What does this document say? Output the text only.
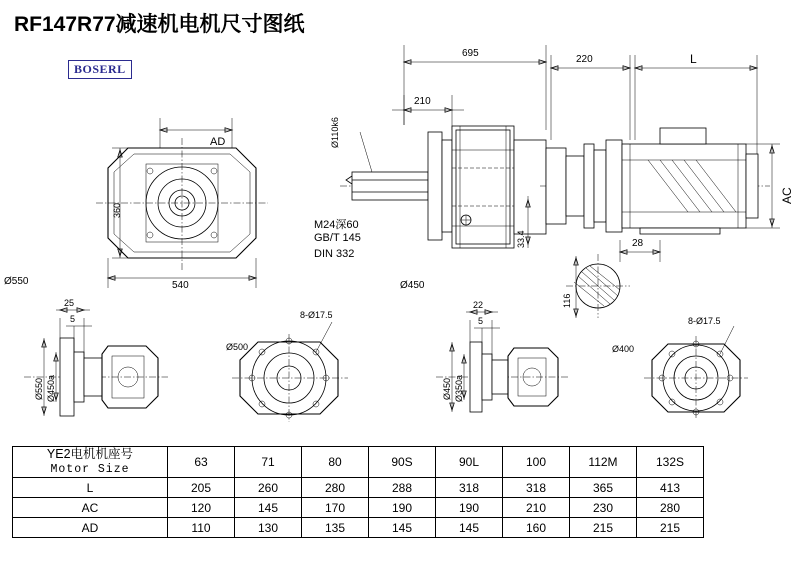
RF147R77减速机电机尺寸图纸
BOSERL
695
220	L
210
Ø110k6
M24深60
GB/T 145
DIN 332
33.4	28
116
AC
AD
360
540
Ø550	Ø450
25
5
22
5
8-Ø17.5
8-Ø17.5
Ø550 Ø450a
Ø500
Ø450 Ø350a
Ø400
YE2电机机座号
Motor Size	63	71	80	90S	90L	100	112M	132S

L	205	260	280	288	318	318	365	413
AC	120	145	170	190	190	210	230	280
AD	110	130	135	145	145	160	215	215
